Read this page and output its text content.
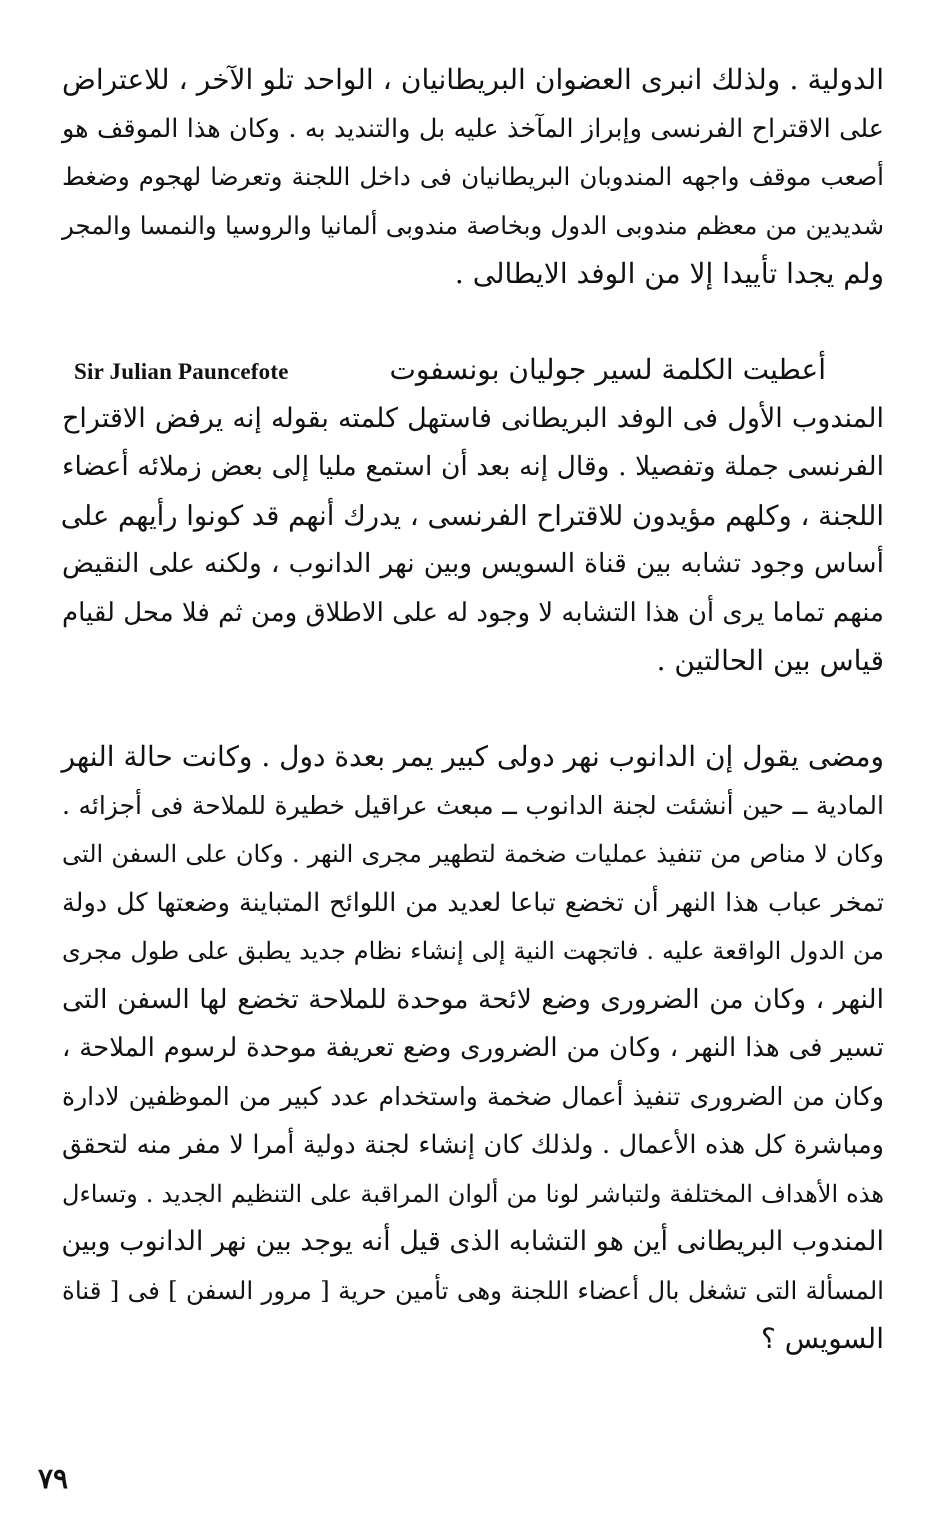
الدولية . ولذلك انبرى العضوان البريطانيان ، الواحد تلو الآخر ، للاعتراض
على الاقتراح الفرنسى وإبراز المآخذ عليه بل والتنديد به . وكان هذا الموقف هو
أصعب موقف واجهه المندوبان البريطانيان فى داخل اللجنة وتعرضا لهجوم وضغط
شديدين من معظم مندوبى الدول وبخاصة مندوبى ألمانيا والروسيا والنمسا والمجر
ولم يجدا تأييدا إلا من الوفد الايطالى .
Sir Julian Pauncefote	أعطيت الكلمة لسير جوليان بونسفوت
المندوب الأول فى الوفد البريطانى فاستهل كلمته بقوله إنه يرفض الاقتراح
الفرنسى جملة وتفصيلا . وقال إنه بعد أن استمع مليا إلى بعض زملائه أعضاء
اللجنة ، وكلهم مؤيدون للاقتراح الفرنسى ، يدرك أنهم قد كونوا رأيهم على
أساس وجود تشابه بين قناة السويس وبين نهر الدانوب ، ولكنه على النقيض
منهم تماما يرى أن هذا التشابه لا وجود له على الاطلاق ومن ثم فلا محل لقيام
قياس بين الحالتين .
ومضى يقول إن الدانوب نهر دولى كبير يمر بعدة دول . وكانت حالة النهر
المادية ــ حين أنشئت لجنة الدانوب ــ مبعث عراقيل خطيرة للملاحة فى أجزائه .
وكان لا مناص من تنفيذ عمليات ضخمة لتطهير مجرى النهر . وكان على السفن التى
تمخر عباب هذا النهر أن تخضع تباعا لعديد من اللوائح المتباينة وضعتها كل دولة
من الدول الواقعة عليه . فاتجهت النية إلى إنشاء نظام جديد يطبق على طول مجرى
النهر ، وكان من الضرورى وضع لائحة موحدة للملاحة تخضع لها السفن التى
تسير فى هذا النهر ، وكان من الضرورى وضع تعريفة موحدة لرسوم الملاحة ،
وكان من الضرورى تنفيذ أعمال ضخمة واستخدام عدد كبير من الموظفين لادارة
ومباشرة كل هذه الأعمال . ولذلك كان إنشاء لجنة دولية أمرا لا مفر منه لتحقق
هذه الأهداف المختلفة ولتباشر لونا من ألوان المراقبة على التنظيم الجديد . وتساءل
المندوب البريطانى أين هو التشابه الذى قيل أنه يوجد بين نهر الدانوب وبين
المسألة التى تشغل بال أعضاء اللجنة وهى تأمين حرية [ مرور السفن ] فى [ قناة
السويس ؟
٧٩
